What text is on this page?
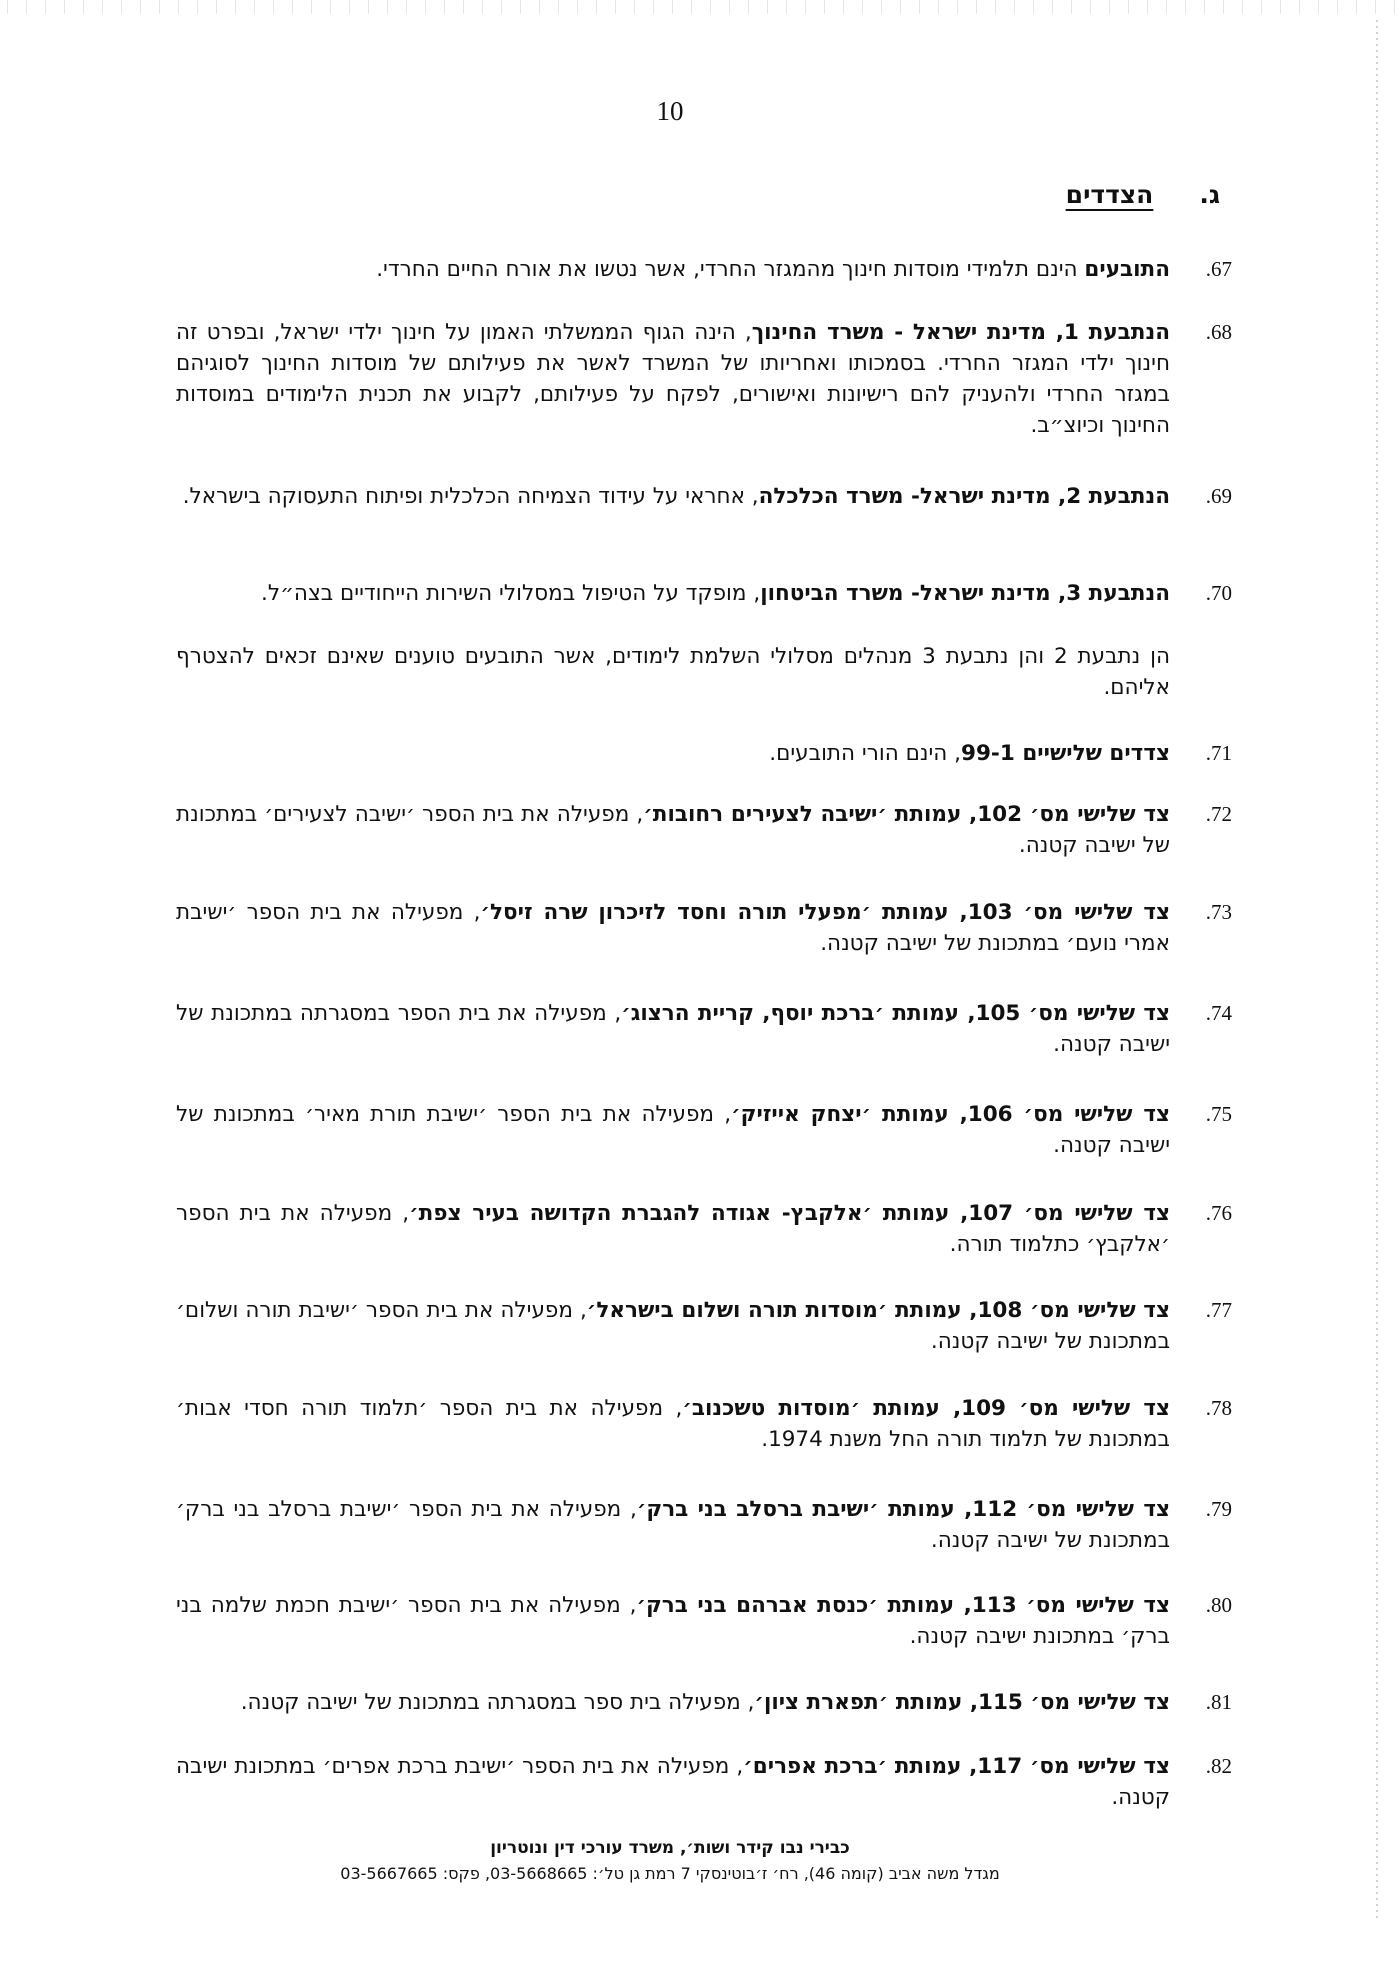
10
ג.
הצדדים
.67
התובעים הינם תלמידי מוסדות חינוך מהמגזר החרדי, אשר נטשו את אורח החיים החרדי.
.68
הנתבעת 1, מדינת ישראל - משרד החינוך, הינה הגוף הממשלתי האמון על חינוך ילדי ישראל, ובפרט זה חינוך ילדי המגזר החרדי. בסמכותו ואחריותו של המשרד לאשר את פעילותם של מוסדות החינוך לסוגיהם במגזר החרדי ולהעניק להם רישיונות ואישורים, לפקח על פעילותם, לקבוע את תכנית הלימודים במוסדות החינוך וכיוצ״ב.
.69
הנתבעת 2, מדינת ישראל- משרד הכלכלה, אחראי על עידוד הצמיחה הכלכלית ופיתוח התעסוקה בישראל.
.70
הנתבעת 3, מדינת ישראל- משרד הביטחון, מופקד על הטיפול במסלולי השירות הייחודיים בצה״ל.
הן נתבעת 2 והן נתבעת 3 מנהלים מסלולי השלמת לימודים, אשר התובעים טוענים שאינם זכאים להצטרף אליהם.
.71
צדדים שלישיים 99-1, הינם הורי התובעים.
.72
צד שלישי מס׳ 102, עמותת ׳ישיבה לצעירים רחובות׳, מפעילה את בית הספר ׳ישיבה לצעירים׳ במתכונת של ישיבה קטנה.
.73
צד שלישי מס׳ 103, עמותת ׳מפעלי תורה וחסד לזיכרון שרה זיסל׳, מפעילה את בית הספר ׳ישיבת אמרי נועם׳ במתכונת של ישיבה קטנה.
.74
צד שלישי מס׳ 105, עמותת ׳ברכת יוסף, קריית הרצוג׳, מפעילה את בית הספר במסגרתה במתכונת של ישיבה קטנה.
.75
צד שלישי מס׳ 106, עמותת ׳יצחק אייזיק׳, מפעילה את בית הספר ׳ישיבת תורת מאיר׳ במתכונת של ישיבה קטנה.
.76
צד שלישי מס׳ 107, עמותת ׳אלקבץ- אגודה להגברת הקדושה בעיר צפת׳, מפעילה את בית הספר ׳אלקבץ׳ כתלמוד תורה.
.77
צד שלישי מס׳ 108, עמותת ׳מוסדות תורה ושלום בישראל׳, מפעילה את בית הספר ׳ישיבת תורה ושלום׳ במתכונת של ישיבה קטנה.
.78
צד שלישי מס׳ 109, עמותת ׳מוסדות טשכנוב׳, מפעילה את בית הספר ׳תלמוד תורה חסדי אבות׳ במתכונת של תלמוד תורה החל משנת 1974.
.79
צד שלישי מס׳ 112, עמותת ׳ישיבת ברסלב בני ברק׳, מפעילה את בית הספר ׳ישיבת ברסלב בני ברק׳ במתכונת של ישיבה קטנה.
.80
צד שלישי מס׳ 113, עמותת ׳כנסת אברהם בני ברק׳, מפעילה את בית הספר ׳ישיבת חכמת שלמה בני ברק׳ במתכונת ישיבה קטנה.
.81
צד שלישי מס׳ 115, עמותת ׳תפארת ציון׳, מפעילה בית ספר במסגרתה במתכונת של ישיבה קטנה.
.82
צד שלישי מס׳ 117, עמותת ׳ברכת אפרים׳, מפעילה את בית הספר ׳ישיבת ברכת אפרים׳ במתכונת ישיבה קטנה.
כבירי נבו קידר ושות׳, משרד עורכי דין ונוטריון
מגדל משה אביב (קומה 46), רח׳ ז׳בוטינסקי 7 רמת גן טל׳: 03-5668665, פקס: 03-5667665
